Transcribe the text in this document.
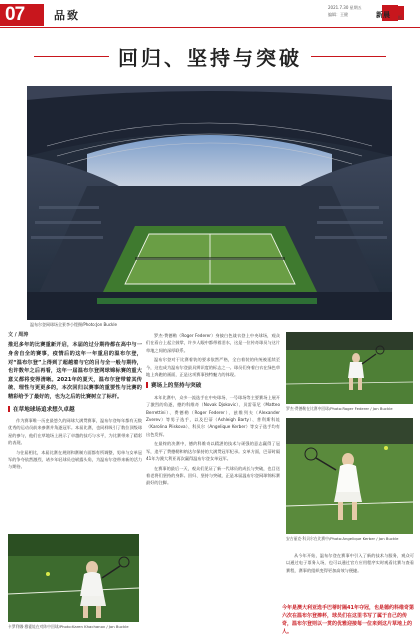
07	品致
2021.7.30 星期五
编辑：王健	新晨 报
回归、坚持与突破
温布尔登网球场全景李小铿摄/Photo:Jon Buckle

文 / 周涛

推迟多年的比赛重新开启，本届的过分期待都在高中与一身舍自全的赛事，疫情后的这年一年重启的温布尔登，对“温布尔登”上得到了超越着与它的目与全一般与期待，也许数年之后再看，这年一届温布尔登网球锦标赛的重大意义都将变得清晰。2021年的夏天，温布尔登带着其传统、理性与更更多的，本次回归以赛事的重要性与比赛的精彩给予了最好的，也为之后的比赛树立了标杆。

在草地球场追求想久卓越

作为赛事唯一历史最悠久的网球大满贯赛事，温布尔登每年都有无数优秀的运动员前来参赛并角逐冠军。本届比赛，也同样吸引了数位顶级球星的参与，他们在草地场上展示了卓越的技巧与水平，为比赛带来了精彩的表现。

与往届相比，本届比赛在规则和赛制方面都有所调整，男单与女单冠军的争夺依然激烈，诸多年轻球员也崭露头角，为温布尔登带来新的活力与期待。

卡罗利娜·穆霍娃在对阵中回球/Photo:Karen Khachanov / Jon Buckle

罗杰·费德勒（Roger Federer）身披白色战衣登上中央球场，观众们在看台上起立鼓掌，许多人眼中都带着泪水，这是一位传奇球员与这片草地之间的深厚联系。

温布尔登对于比赛着装的要求依然严格，全白着装的传统被延续至今，这也成为温布尔登最具辨识度的标志之一。球员们身着白衣在绿色草地上奔跑的画面，正是这项赛事独特魅力的体现。

赛场上的坚持与突破

本年比赛中，众多一流选手在中央球场、一号球场等主要赛场上展开了激烈的角逐，德约科维奇（Novak Djokovic）、贝雷蒂尼（Matteo Berrettini）、费德勒（Roger Federer）、兹维列夫（Alexander Zverev）等男子选手，以及巴蒂（Ashleigh Barty）、普利斯科娃（Karolina Pliskova）、科贝尔（Angelique Kerber）等女子选手均有出色发挥。

在最终的决赛中，德约科维奇以精湛的技术与顽强的意志赢得了冠军，追平了费德勒和纳达尔保持的大满贯冠军纪录。女单方面，巴蒂时隔41年为澳大利亚再次赢得温布尔登女单冠军。

在赛事的最后一天，观众们见证了新一代球员的成长与突破，也目送着老将们坚持的身影。回归、坚持与突破，正是本届温布尔登网球锦标赛最好的注脚。

罗杰·费德勒在比赛中回球/Photo:Roger Federer / Jon Buckle
安吉丽克·科贝尔在比赛中/Photo:Angelique Kerber / Jon Buckle

从今年开始，温布尔登在赛事中引入了新的技术与服务，观众可以通过电子票务入场，也可以通过官方应用程序实时观看比赛与查看赛程，赛事的组织变得更加高效与便捷。

今年是澳大利亚选手巴蒂时隔41年夺冠，也是德约科维奇第六次在温布尔登捧杯，球员们在这里书写了属于自己的传奇，温布尔登则以一贯的优雅迎接每一位来到这片草地上的人。
